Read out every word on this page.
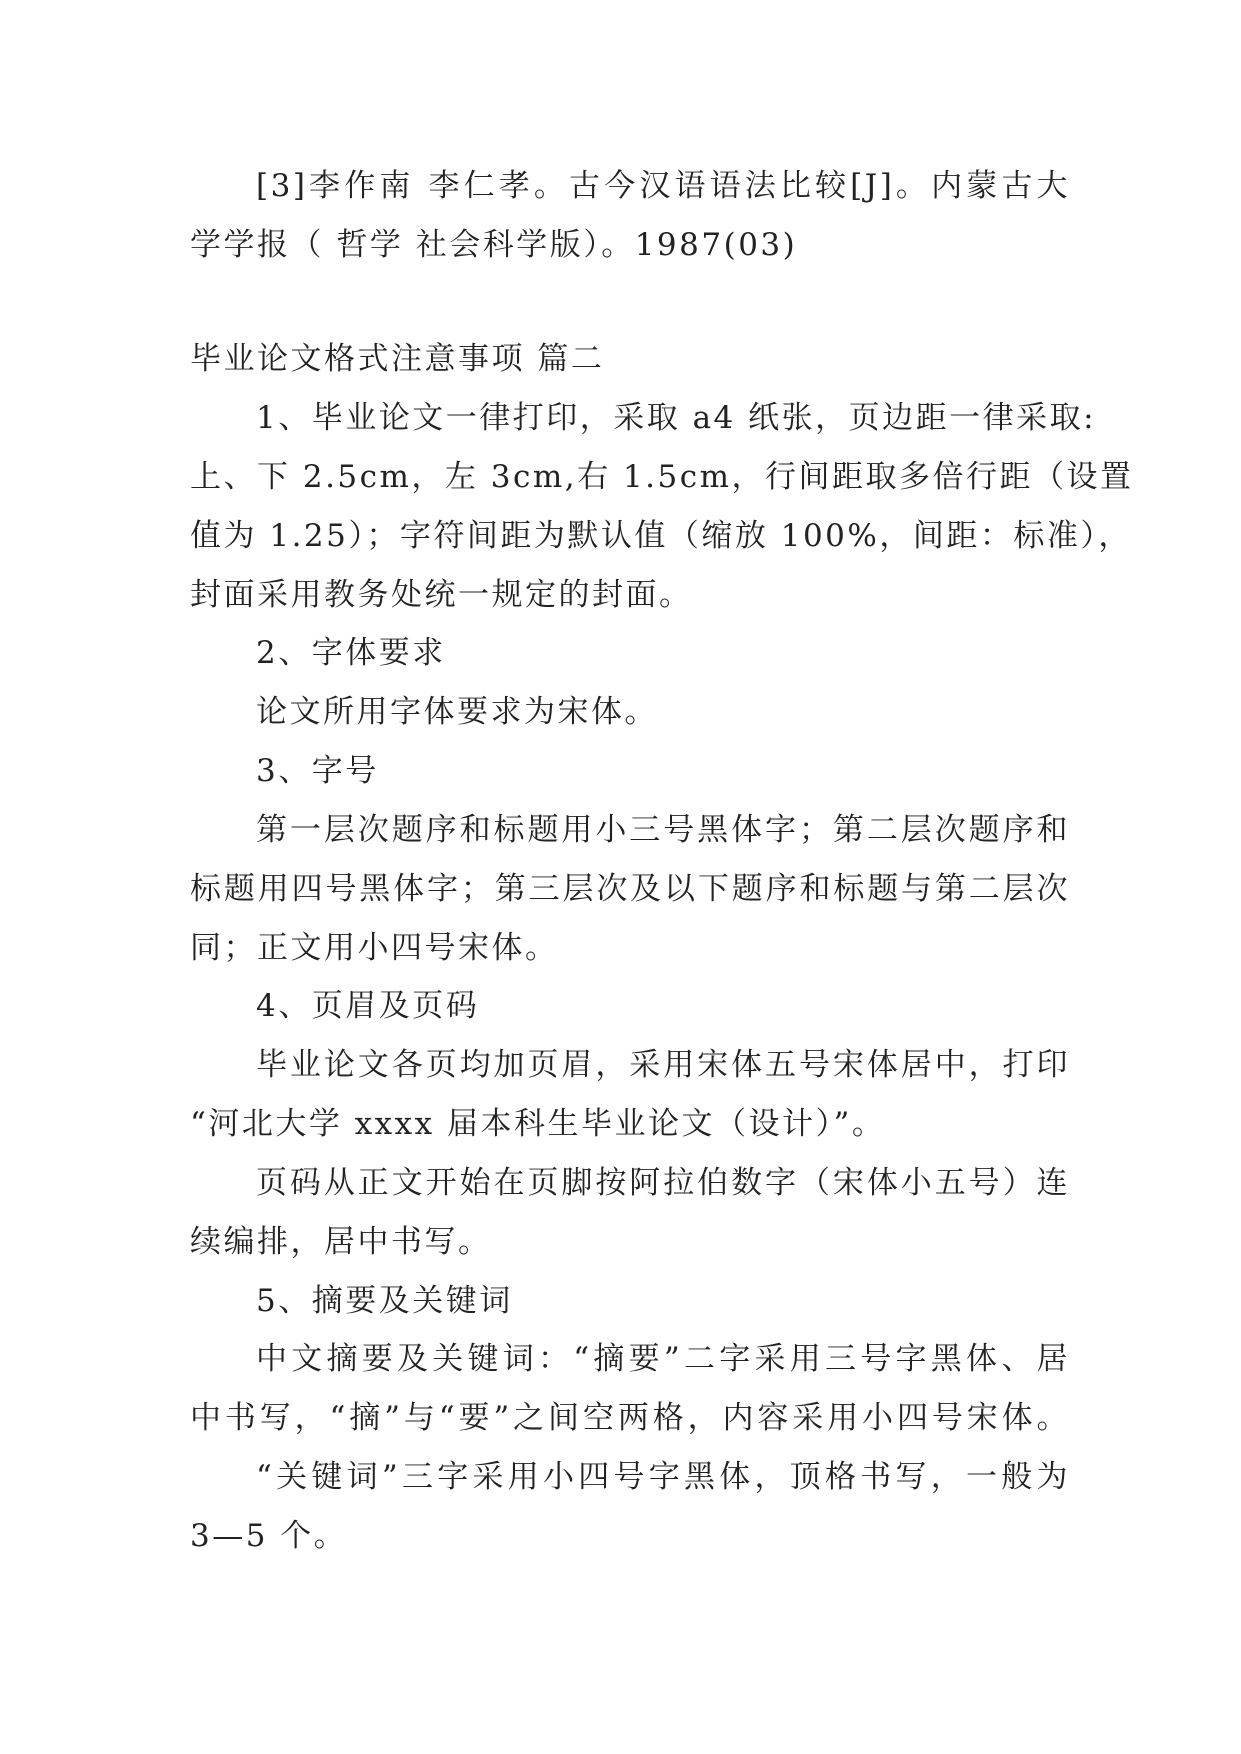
[3]李作南 李仁孝。古今汉语语法比较[J]。内蒙古大
学学报（ 哲学 社会科学版）。1987(03)
毕业论文格式注意事项 篇二
1、毕业论文一律打印，采取 a4 纸张，页边距一律采取:
上、下 2.5cm，左 3cm,右 1.5cm，行间距取多倍行距（设置
值为 1.25）；字符间距为默认值（缩放 100%，间距：标准），
封面采用教务处统一规定的封面。
2、字体要求
论文所用字体要求为宋体。
3、字号
第一层次题序和标题用小三号黑体字；第二层次题序和
标题用四号黑体字；第三层次及以下题序和标题与第二层次
同；正文用小四号宋体。
4、页眉及页码
毕业论文各页均加页眉，采用宋体五号宋体居中，打印
“河北大学 xxxx 届本科生毕业论文（设计）”。
页码从正文开始在页脚按阿拉伯数字（宋体小五号）连
续编排，居中书写。
5、摘要及关键词
中文摘要及关键词：“摘要”二字采用三号字黑体、居
中书写，“摘”与“要”之间空两格，内容采用小四号宋体。
“关键词”三字采用小四号字黑体，顶格书写，一般为
3—5 个。
